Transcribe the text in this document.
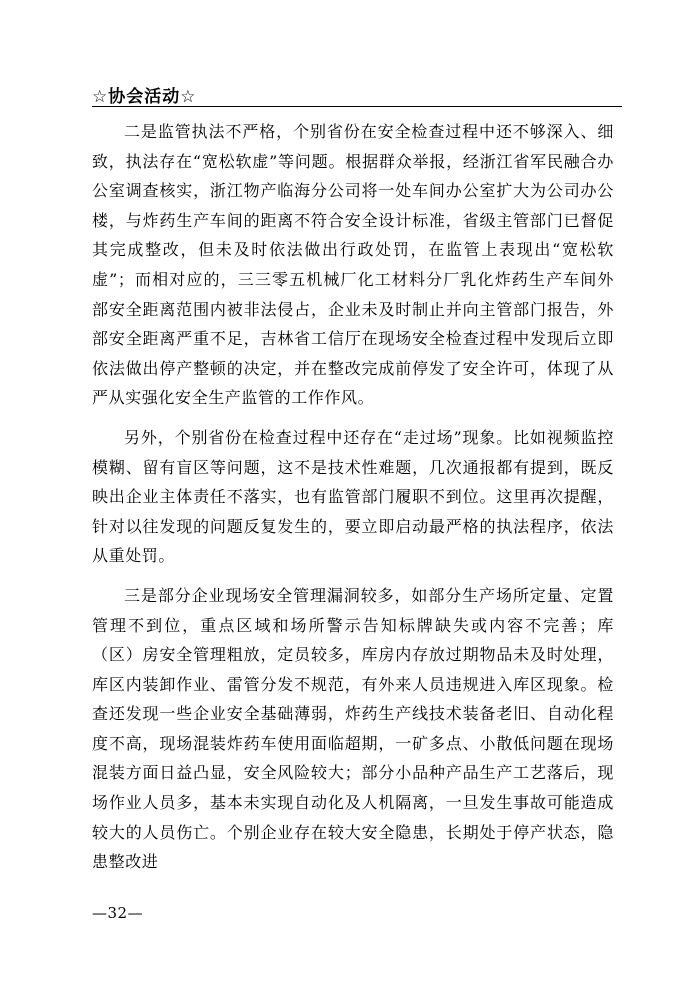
☆协会活动☆

二是监管执法不严格，个别省份在安全检查过程中还不够深入、细致，执法存在“宽松软虚”等问题。根据群众举报，经浙江省军民融合办公室调查核实，浙江物产临海分公司将一处车间办公室扩大为公司办公楼，与炸药生产车间的距离不符合安全设计标准，省级主管部门已督促其完成整改，但未及时依法做出行政处罚，在监管上表现出“宽松软虚”；而相对应的，三三零五机械厂化工材料分厂乳化炸药生产车间外部安全距离范围内被非法侵占，企业未及时制止并向主管部门报告，外部安全距离严重不足，吉林省工信厅在现场安全检查过程中发现后立即依法做出停产整顿的决定，并在整改完成前停发了安全许可，体现了从严从实强化安全生产监管的工作作风。

另外，个别省份在检查过程中还存在“走过场”现象。比如视频监控模糊、留有盲区等问题，这不是技术性难题，几次通报都有提到，既反映出企业主体责任不落实，也有监管部门履职不到位。这里再次提醒，针对以往发现的问题反复发生的，要立即启动最严格的执法程序，依法从重处罚。

三是部分企业现场安全管理漏洞较多，如部分生产场所定量、定置管理不到位，重点区域和场所警示告知标牌缺失或内容不完善；库（区）房安全管理粗放，定员较多，库房内存放过期物品未及时处理，库区内装卸作业、雷管分发不规范，有外来人员违规进入库区现象。检查还发现一些企业安全基础薄弱，炸药生产线技术装备老旧、自动化程度不高，现场混装炸药车使用面临超期，一矿多点、小散低问题在现场混装方面日益凸显，安全风险较大；部分小品种产品生产工艺落后，现场作业人员多，基本未实现自动化及人机隔离，一旦发生事故可能造成较大的人员伤亡。个别企业存在较大安全隐患，长期处于停产状态，隐患整改进

—32—
